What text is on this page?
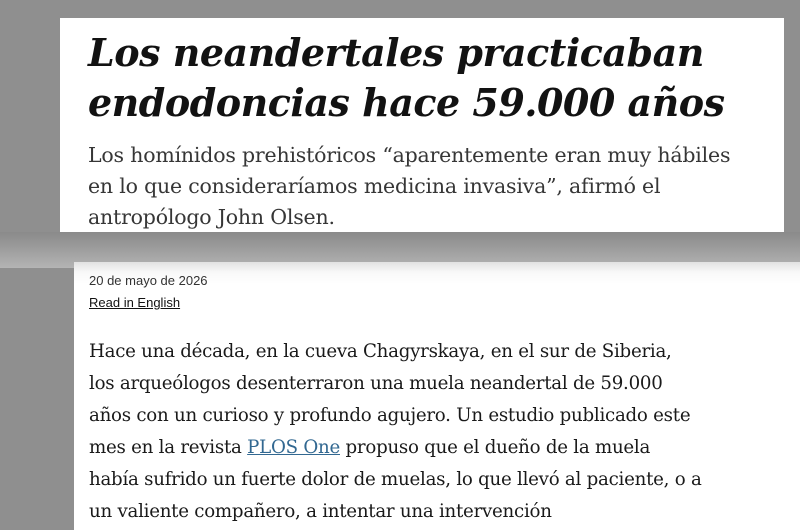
Los neandertales practicaban
endodoncias hace 59.000 años

Los homínidos prehistóricos “aparentemente eran muy hábiles
en lo que consideraríamos medicina invasiva”, afirmó el
antropólogo John Olsen.

20 de mayo de 2026
Read in English

Hace una década, en la cueva Chagyrskaya, en el sur de Siberia,
los arqueólogos desenterraron una muela neandertal de 59.000
años con un curioso y profundo agujero. Un estudio publicado este
mes en la revista PLOS One propuso que el dueño de la muela
había sufrido un fuerte dolor de muelas, lo que llevó al paciente, o a
un valiente compañero, a intentar una intervención
